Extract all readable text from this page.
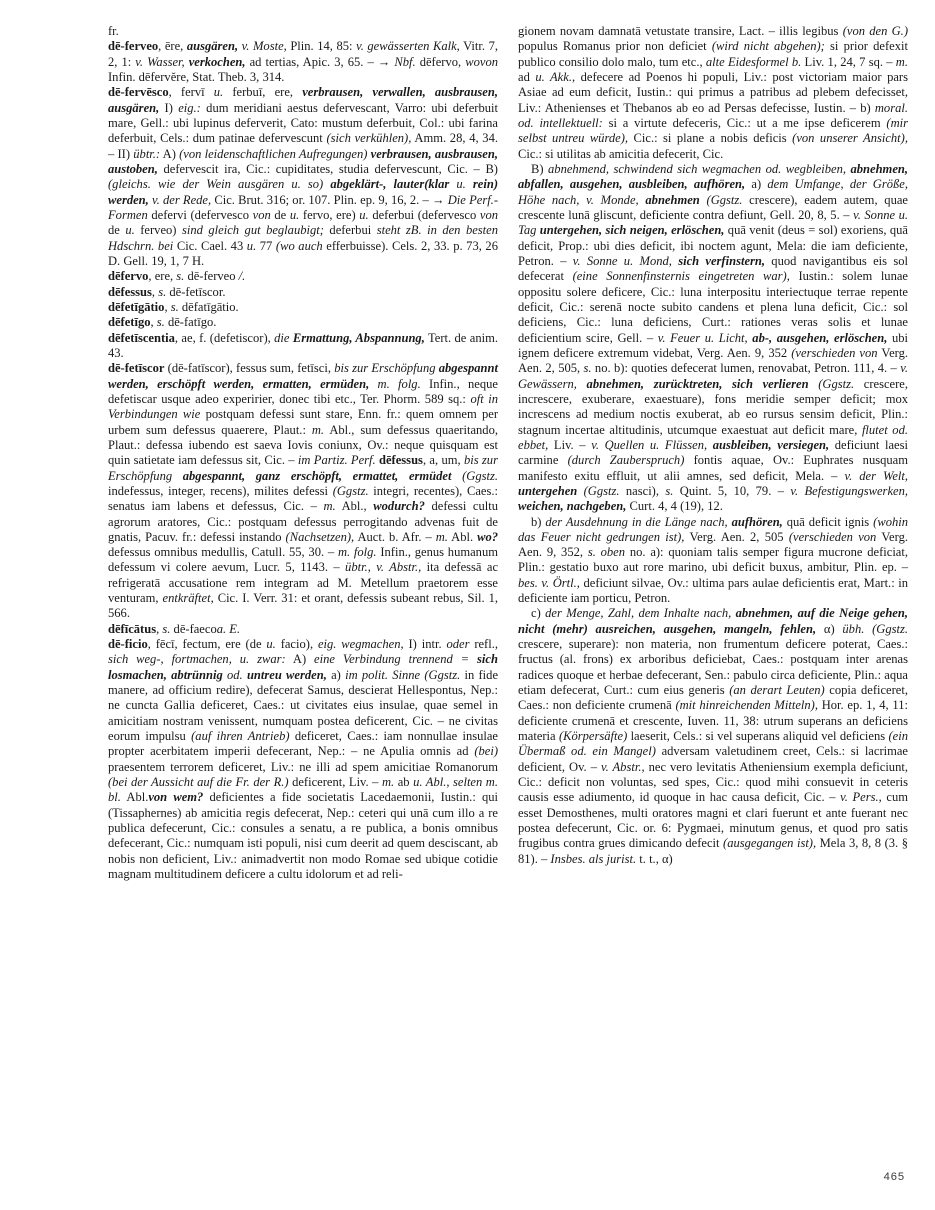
fr.

dē-ferveo, ēre, ausgären, v. Moste, Plin. 14, 85: v. gewässerten Kalk, Vitr. 7, 2, 1: v. Wasser, verkochen, ad tertias, Apic. 3, 65. – → Nbf. dēfervo, wovon Infin. dēfervĕre, Stat. Theb. 3, 314.

dē-fervēsco, fervī u. ferbuī, ere, verbrausen, verwallen, ausbrausen, ausgären, I) eig.: dum meridiani aestus defervescant, Varro: ubi deferbuit mare, Gell.: ubi lupinus deferverit, Cato: mustum deferbuit, Col.: ubi farina deferbuit, Cels.: dum patinae defervescunt (sich verkühlen), Amm. 28, 4, 34. – II) übtr.: A) (von leidenschaftlichen Aufregungen) verbrausen, ausbrausen, austoben, defervescit ira, Cic.: cupiditates, studia defervescunt, Cic. – B) (gleichs. wie der Wein ausgären u. so) abgeklärt-, lauter(klar u. rein) werden, v. der Rede, Cic. Brut. 316; or. 107. Plin. ep. 9, 16, 2. – → Die Perf.-Formen defervi (defervesco von de u. fervo, ere) u. deferbui (defervesco von de u. ferveo) sind gleich gut beglaubigt; deferbui steht zB. in den besten Hdschrn. bei Cic. Cael. 43 u. 77 (wo auch efferbuisse). Cels. 2, 33. p. 73, 26 D. Gell. 19, 1, 7 H.

dēfervo, ere, s. dē-ferveo /.

dēfessus, s. dē-fetīscor.

dēfetīgātio, s. dēfatīgātio.

dēfetīgo, s. dē-fatīgo.

dēfetīscentia, ae, f. (defetiscor), die Ermattung, Abspannung, Tert. de anim. 43.

dē-fetīscor (dē-fatīscor), fessus sum, fetīsci, bis zur Erschöpfung abgespannt werden, erschöpft werden, ermatten, ermüden, m. folg. Infin., neque defetiscar usque adeo experirier, donec tibi etc., Ter. Phorm. 589 sq.: oft in Verbindungen wie postquam defessi sunt stare, Enn. fr.: quem omnem per urbem sum defessus quaerere, Plaut.: m. Abl., sum defessus quaeritando, Plaut.: defessa iubendo est saeva Iovis coniunx, Ov.: neque quisquam est quin satietate iam defessus sit, Cic. – im Partiz. Perf. dēfessus, a, um, bis zur Erschöpfung abgespannt, ganz erschöpft, ermattet, ermüdet (Ggstz. indefessus, integer, recens), milites defessi (Ggstz. integri, recentes), Caes.: senatus iam labens et defessus, Cic. – m. Abl., wodurch? defessi cultu agrorum aratores, Cic.: postquam defessus perrogitando advenas fuit de gnatis, Pacuv. fr.: defessi instando (Nachsetzen), Auct. b. Afr. – m. Abl. wo? defessus omnibus medullis, Catull. 55, 30. – m. folg. Infin., genus humanum defessum vi colere aevum, Lucr. 5, 1143. – übtr., v. Abstr., ita defessā ac refrigeratā accusatione rem integram ad M. Metellum praetorem esse venturam, entkräftet, Cic. I. Verr. 31: et orant, defessis subeant rebus, Sil. 1, 566.

dēfīcātus, s. dē-faecoa. E.

dē-ficio, fēcī, fectum, ere (de u. facio), eig. wegmachen, I) intr. oder refl., sich weg-, fortmachen, u. zwar: A) eine Verbindung trennend = sich losmachen, abtrünnig od. untreu werden, a) im polit. Sinne (Ggstz. in fide manere, ad officium redire), defecerat Samus, descierat Hellespontus, Nep.: ne cuncta Gallia deficeret, Caes.: ut civitates eius insulae, quae semel in amicitiam nostram venissent, numquam postea deficerent, Cic. – ne civitas eorum impulsu (auf ihren Antrieb) deficeret, Caes.: iam nonnullae insulae propter acerbitatem imperii defecerant, Nep.: – ne Apulia omnis ad (bei) praesentem terrorem deficeret, Liv.: ne illi ad spem amicitiae Romanorum (bei der Aussicht auf die Fr. der R.) deficerent, Liv. – m. ab u. Abl., selten m. bl. Abl.von wem? deficientes a fide societatis Lacedaemonii, Iustin.: qui (Tissaphernes) ab amicitia regis defecerat, Nep.: ceteri qui unā cum illo a re publica defecerunt, Cic.: consules a senatu, a re publica, a bonis omnibus defecerant, Cic.: numquam isti populi, nisi cum deerit ad quem desciscant, ab nobis non deficient, Liv.: animadvertit non modo Romae sed ubique cotidie magnam multitudinem deficere a cultu idolorum et ad reli-

gionem novam damnatā vetustate transire, Lact. – illis legibus (von den G.) populus Romanus prior non deficiet (wird nicht abgehen); si prior defexit publico consilio dolo malo, tum etc., alte Eidesformel b. Liv. 1, 24, 7 sq. – m. ad u. Akk., defecere ad Poenos hi populi, Liv.: post victoriam maior pars Asiae ad eum deficit, Iustin.: qui primus a patribus ad plebem defecisset, Liv.: Athenienses et Thebanos ab eo ad Persas defecisse, Iustin. – b) moral. od. intellektuell: si a virtute defeceris, Cic.: ut a me ipse deficerem (mir selbst untreu würde), Cic.: si plane a nobis deficis (von unserer Ansicht), Cic.: si utilitas ab amicitia defecerit, Cic.

B) abnehmend, schwindend sich wegmachen od. wegbleiben, abnehmen, abfallen, ausgehen, ausbleiben, aufhören, a) dem Umfange, der Größe, Höhe nach, v. Monde, abnehmen (Ggstz. crescere), eadem autem, quae crescente lunā gliscunt, deficiente contra defiunt, Gell. 20, 8, 5. – v. Sonne u. Tag untergehen, sich neigen, erlöschen, quā venit (deus = sol) exoriens, quā deficit, Prop.: ubi dies deficit, ibi noctem agunt, Mela: die iam deficiente, Petron. – v. Sonne u. Mond, sich verfinstern, quod navigantibus eis sol defecerat (eine Sonnenfinsternis eingetreten war), Iustin.: solem lunae oppositu solere deficere, Cic.: luna interpositu interiectuque terrae repente deficit, Cic.: serenā nocte subito candens et plena luna deficit, Cic.: sol deficiens, Cic.: luna deficiens, Curt.: rationes veras solis et lunae deficientium scire, Gell. – v. Feuer u. Licht, ab-, ausgehen, erlöschen, ubi ignem deficere extremum videbat, Verg. Aen. 9, 352 (verschieden von Verg. Aen. 2, 505, s. no. b): quoties defecerat lumen, renovabat, Petron. 111, 4. – v. Gewässern, abnehmen, zurücktreten, sich verlieren (Ggstz. crescere, increscere, exuberare, exaestuare), fons meridie semper deficit; mox increscens ad medium noctis exuberat, ab eo rursus sensim deficit, Plin.: stagnum incertae altitudinis, utcumque exaestuat aut deficit mare, flutet od. ebbet, Liv. – v. Quellen u. Flüssen, ausbleiben, versiegen, deficiunt laesi carmine (durch Zauberspruch) fontis aquae, Ov.: Euphrates nusquam manifesto exitu effluit, ut alii amnes, sed deficit, Mela. – v. der Welt, untergehen (Ggstz. nasci), s. Quint. 5, 10, 79. – v. Befestigungswerken, weichen, nachgeben, Curt. 4, 4 (19), 12.

b) der Ausdehnung in die Länge nach, aufhören, quā deficit ignis (wohin das Feuer nicht gedrungen ist), Verg. Aen. 2, 505 (verschieden von Verg. Aen. 9, 352, s. oben no. a): quoniam talis semper figura mucrone deficiat, Plin.: gestatio buxo aut rore marino, ubi deficit buxus, ambitur, Plin. ep. – bes. v. Örtl., deficiunt silvae, Ov.: ultima pars aulae deficientis erat, Mart.: in deficiente iam porticu, Petron.

c) der Menge, Zahl, dem Inhalte nach, abnehmen, auf die Neige gehen, nicht (mehr) ausreichen, ausgehen, mangeln, fehlen, α) übh. (Ggstz. crescere, superare): non materia, non frumentum deficere poterat, Caes.: fructus (al. frons) ex arboribus deficiebat, Caes.: postquam inter arenas radices quoque et herbae defecerant, Sen.: pabulo circa deficiente, Plin.: aqua etiam defecerat, Curt.: cum eius generis (an derart Leuten) copia deficeret, Caes.: non deficiente crumenā (mit hinreichenden Mitteln), Hor. ep. 1, 4, 11: deficiente crumenā et crescente, Iuven. 11, 38: utrum superans an deficiens materia (Körpersäfte) laeserit, Cels.: si vel superans aliquid vel deficiens (ein Übermaß od. ein Mangel) adversam valetudinem creet, Cels.: si lacrimae deficient, Ov. – v. Abstr., nec vero levitatis Atheniensium exempla deficiunt, Cic.: deficit non voluntas, sed spes, Cic.: quod mihi consuevit in ceteris causis esse adiumento, id quoque in hac causa deficit, Cic. – v. Pers., cum esset Demosthenes, multi oratores magni et clari fuerunt et ante fuerant nec postea defecerunt, Cic. or. 6: Pygmaei, minutum genus, et quod pro satis frugibus contra grues dimicando defecit (ausgegangen ist), Mela 3, 8, 8 (3. § 81). – Insbes. als jurist. t. t., α)

465
